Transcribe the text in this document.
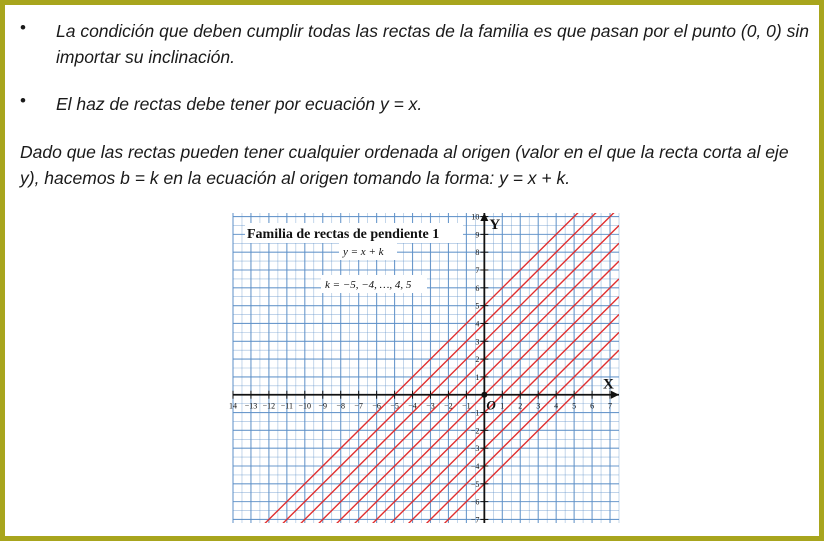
• La condición que deben cumplir todas las rectas de la familia es que pasan por el punto (0, 0) sin importar su inclinación.
• El haz de rectas debe tener por ecuación y = x.
Dado que las rectas pueden tener cualquier ordenada al origen (valor en el que la recta corta al eje y), hacemos b = k en la ecuación al origen tomando la forma: y = x + k.
Familia de rectas de pendiente 1
y = x + k
k = −5, −4, …, 4, 5
14 −13 −12 −11 −10 −9 −8 −7 −6 −5 −4 −3 −2 −1	1 2 3 4 5 6 7
−7
−6
−5
−4
−3
−2
−1
1
2
3
4
5
6
7
8
9
10
X
Y
O
